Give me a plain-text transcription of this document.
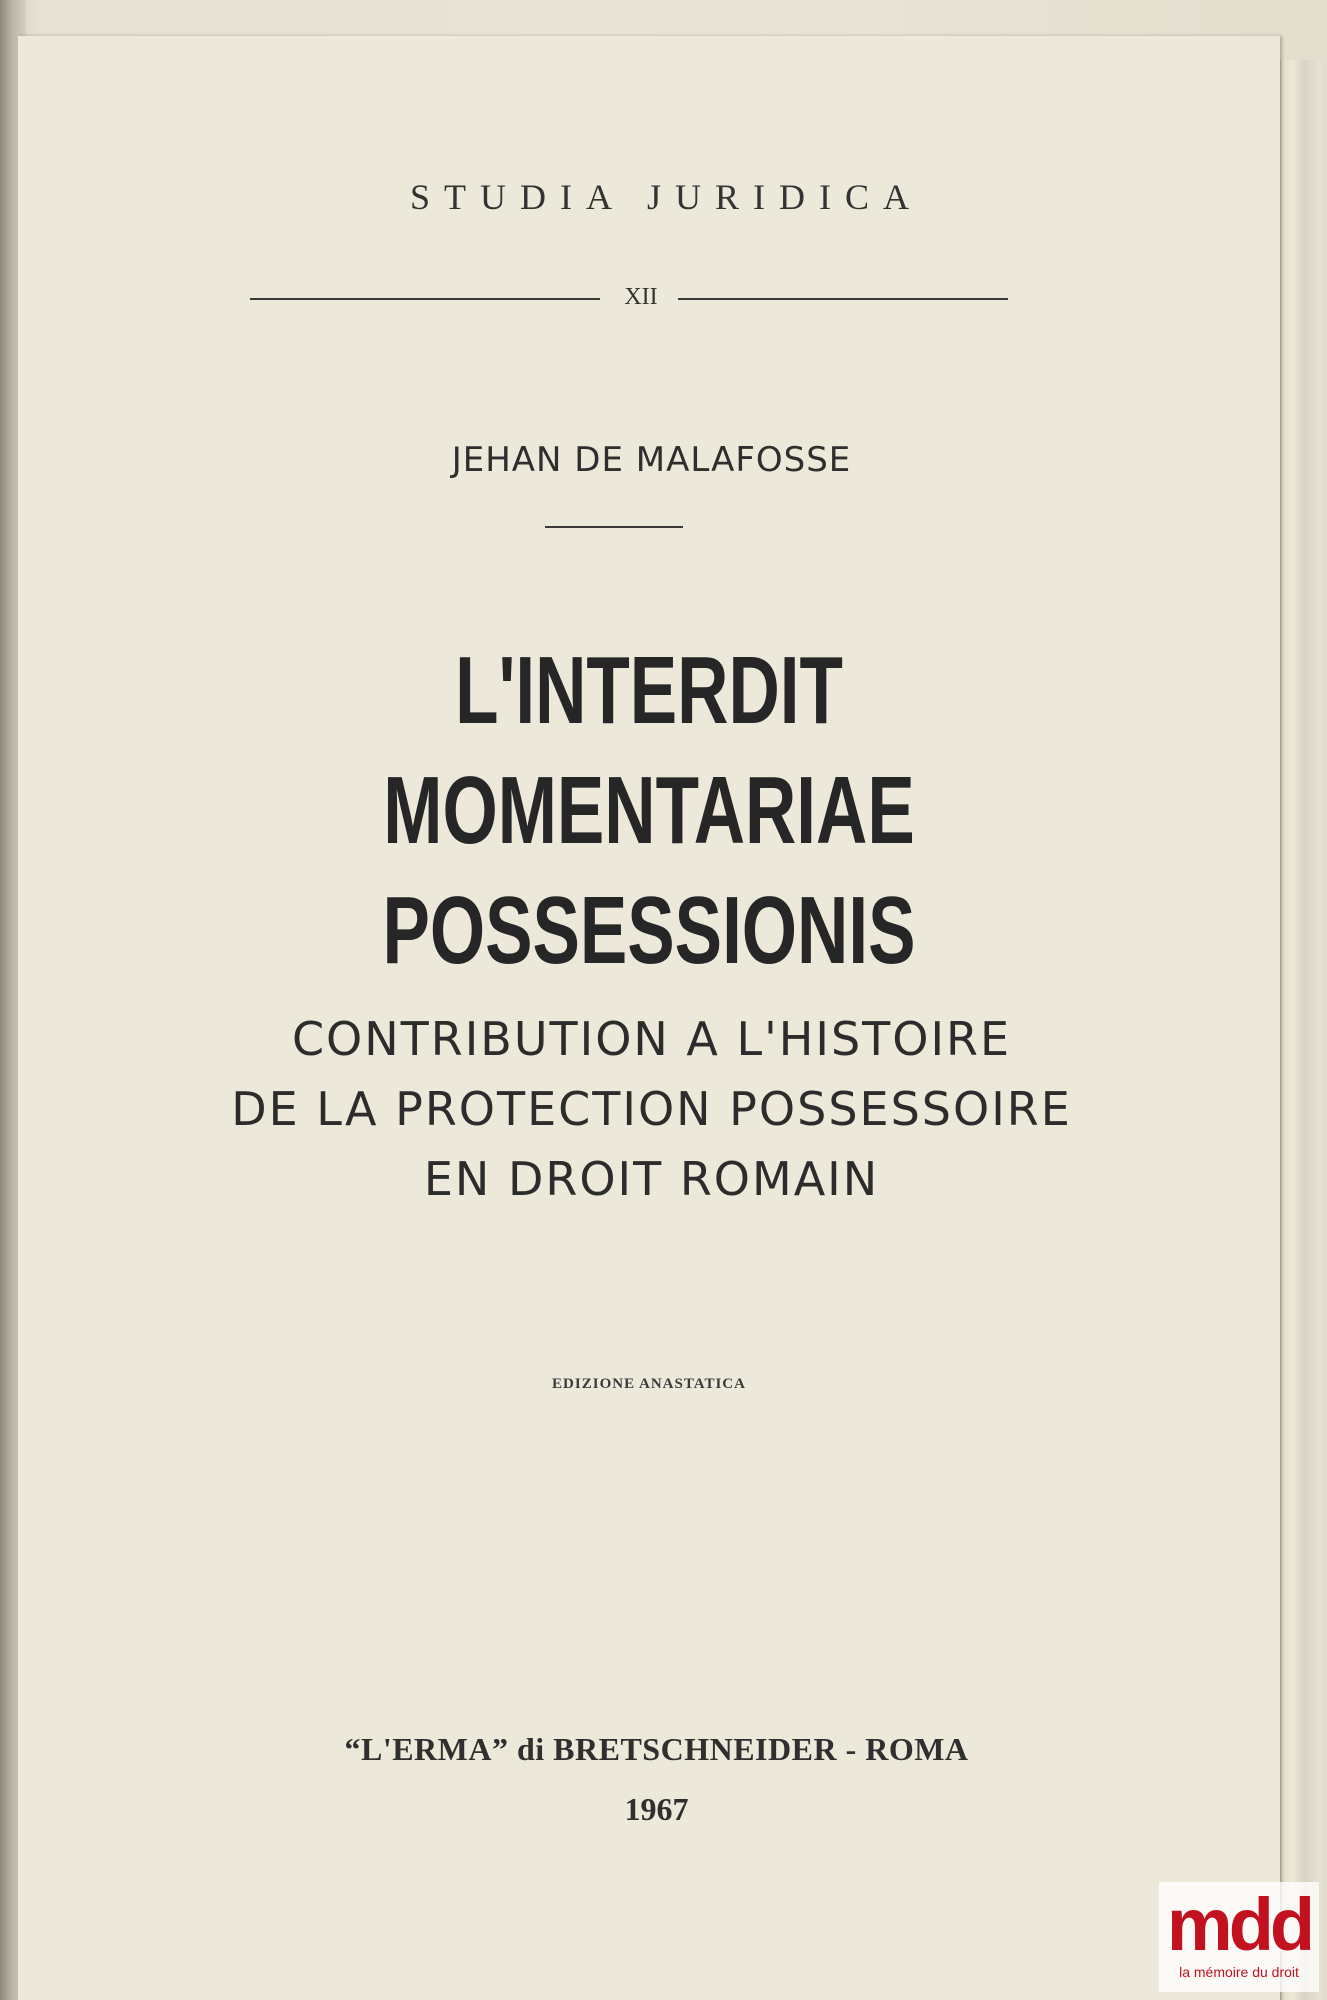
STUDIA JURIDICA
XII
JEHAN DE MALAFOSSE
L'INTERDIT MOMENTARIAE
POSSESSIONIS
CONTRIBUTION A L'HISTOIRE
DE LA PROTECTION POSSESSOIRE
EN DROIT ROMAIN
EDIZIONE ANASTATICA
“L'ERMA” di BRETSCHNEIDER - ROMA
1967
mdd
la mémoire du droit
